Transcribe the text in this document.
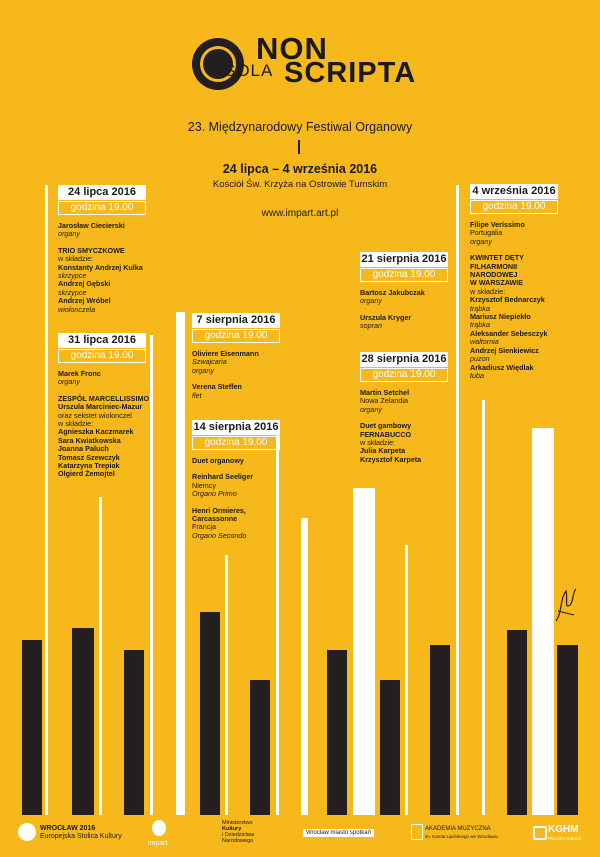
NON
SOLA SCRIPTA
23. Międzynarodowy Festiwal Organowy
24 lipca – 4 września 2016
Kościół Św. Krzyża na Ostrowie Tumskim
www.impart.art.pl
24 lipca 2016
godzina 19.00
Jarosław Ciecierski
organy
TRIO SMYCZKOWE
w składzie:
Konstanty Andrzej Kulka
skrzypce
Andrzej Gębski
skrzypce
Andrzej Wróbel
wiolonczela
31 lipca 2016
godzina 19.00
Marek Fronc
organy
ZESPÓŁ MARCELLISSIMO
Urszula Marciniec-Mazur
oraz sekstet wiolonczel
w składzie:
Agnieszka Kaczmarek
Sara Kwiatkowska
Joanna Paluch
Tomasz Szewczyk
Katarzyna Trepiak
Olgierd Żemojtel
7 sierpnia 2016
godzina 19.00
Oliviere Eisenmann
Szwajcaria
organy
Verena Steffen
flet
14 sierpnia 2016
godzina 19.00
Duet organowy
Reinhard Seeliger
Niemcy
Organo Primo
Henri Ormieres,
Carcassonne
Francja
Organo Secondo
21 sierpnia 2016
godzina 19.00
Bartosz Jakubczak
organy
Urszula Kryger
sopran
28 sierpnia 2016
godzina 19.00
Martin Setchel
Nowa Zelandia
organy
Duet gambowy
FERNABUCCO
w składzie:
Julia Karpeta
Krzysztof Karpeta
4 września 2016
godzina 19.00
Filipe Veríssimo
Portugalia
organy
KWINTET DĘTY
FILHARMONII
NARODOWEJ
W WARSZAWIE
w składzie:
Krzysztof Bednarczyk
trąbka
Mariusz Niepiekło
trąbka
Aleksander Sebesczyk
waltornia
Andrzej Sienkiewicz
puzon
Arkadiusz Więdlak
tuba
WROCŁAW 2016
Europejska Stolica Kultury
impart
Ministerstwo
Kultury
i Dziedzictwa
Narodowego
Wrocław miasto spotkań
AKADEMIA MUZYCZNA
im. Karola Lipińskiego we Wrocławiu
KGHM
POLSKA MIEDŹ
